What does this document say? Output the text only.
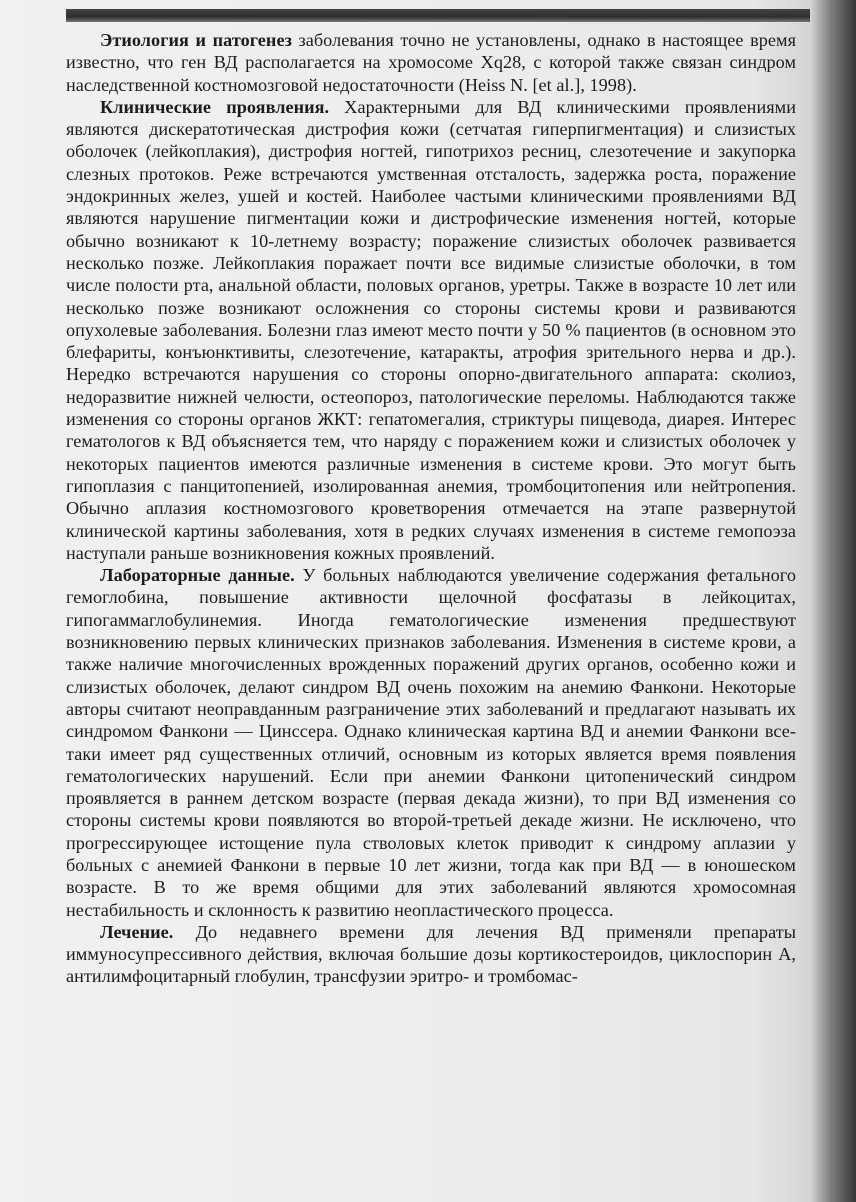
Этиология и патогенез заболевания точно не установлены, однако в настоящее время известно, что ген ВД располагается на хромосоме Xq28, с которой также связан синдром наследственной костномозговой недостаточности (Heiss N. [et al.], 1998).

Клинические проявления. Характерными для ВД клиническими проявлениями являются дискератотическая дистрофия кожи (сетчатая гиперпигментация) и слизистых оболочек (лейкоплакия), дистрофия ногтей, гипотрихоз ресниц, слезотечение и закупорка слезных протоков. Реже встречаются умственная отсталость, задержка роста, поражение эндокринных желез, ушей и костей. Наиболее частыми клиническими проявлениями ВД являются нарушение пигментации кожи и дистрофические изменения ногтей, которые обычно возникают к 10-летнему возрасту; поражение слизистых оболочек развивается несколько позже. Лейкоплакия поражает почти все видимые слизистые оболочки, в том числе полости рта, анальной области, половых органов, уретры. Также в возрасте 10 лет или несколько позже возникают осложнения со стороны системы крови и развиваются опухолевые заболевания. Болезни глаз имеют место почти у 50 % пациентов (в основном это блефариты, конъюнктивиты, слезотечение, катаракты, атрофия зрительного нерва и др.). Нередко встречаются нарушения со стороны опорно-двигательного аппарата: сколиоз, недоразвитие нижней челюсти, остеопороз, патологические переломы. Наблюдаются также изменения со стороны органов ЖКТ: гепатомегалия, стриктуры пищевода, диарея. Интерес гематологов к ВД объясняется тем, что наряду с поражением кожи и слизистых оболочек у некоторых пациентов имеются различные изменения в системе крови. Это могут быть гипоплазия с панцитопенией, изолированная анемия, тромбоцитопения или нейтропения. Обычно аплазия костномозгового кроветворения отмечается на этапе развернутой клинической картины заболевания, хотя в редких случаях изменения в системе гемопоэза наступали раньше возникновения кожных проявлений.

Лабораторные данные. У больных наблюдаются увеличение содержания фетального гемоглобина, повышение активности щелочной фосфатазы в лейкоцитах, гипогаммаглобулинемия. Иногда гематологические изменения предшествуют возникновению первых клинических признаков заболевания. Изменения в системе крови, а также наличие многочисленных врожденных поражений других органов, особенно кожи и слизистых оболочек, делают синдром ВД очень похожим на анемию Фанкони. Некоторые авторы считают неоправданным разграничение этих заболеваний и предлагают называть их синдромом Фанкони — Цинссера. Однако клиническая картина ВД и анемии Фанкони все-таки имеет ряд существенных отличий, основным из которых является время появления гематологических нарушений. Если при анемии Фанкони цитопенический синдром проявляется в раннем детском возрасте (первая декада жизни), то при ВД изменения со стороны системы крови появляются во второй-третьей декаде жизни. Не исключено, что прогрессирующее истощение пула стволовых клеток приводит к синдрому аплазии у больных с анемией Фанкони в первые 10 лет жизни, тогда как при ВД — в юношеском возрасте. В то же время общими для этих заболеваний являются хромосомная нестабильность и склонность к развитию неопластического процесса.

Лечение. До недавнего времени для лечения ВД применяли препараты иммуносупрессивного действия, включая большие дозы кортикостероидов, циклоспорин А, антилимфоцитарный глобулин, трансфузии эритро- и тромбомас-
